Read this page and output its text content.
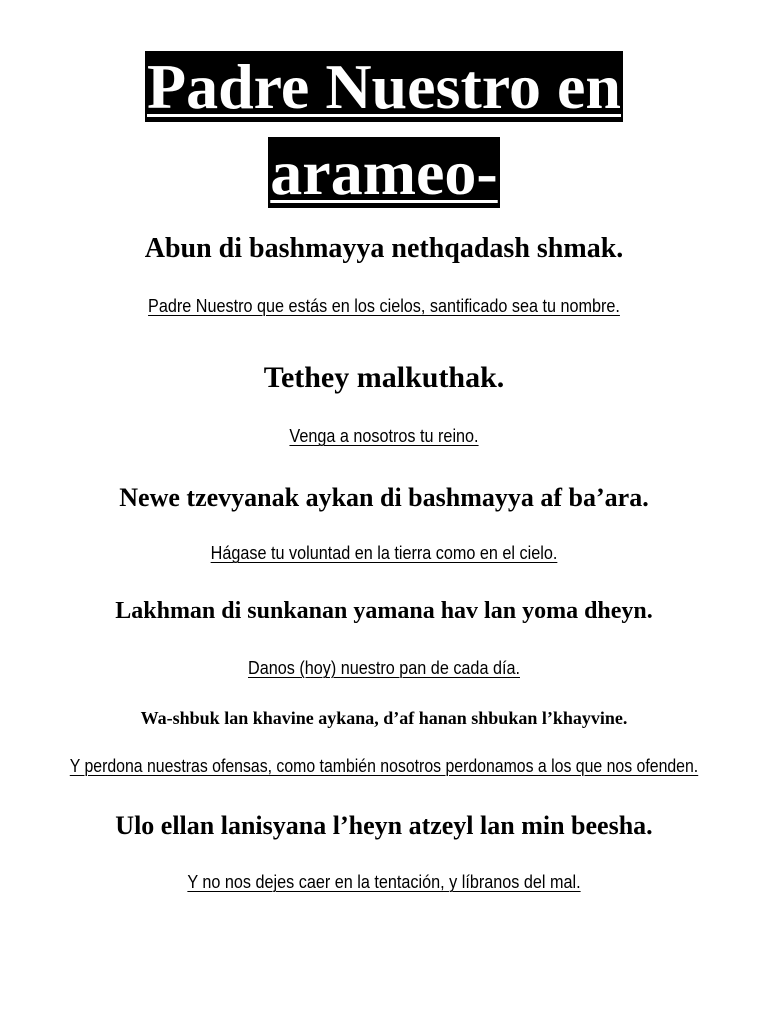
Padre Nuestro en
arameo-
Abun di bashmayya nethqadash shmak.
Padre Nuestro que estás en los cielos, santificado sea tu nombre.
Tethey malkuthak.
Venga a nosotros tu reino.
Newe tzevyanak aykan di bashmayya af ba’ara.
Hágase tu voluntad en la tierra como en el cielo.
Lakhman di sunkanan yamana hav lan yoma dheyn.
Danos (hoy) nuestro pan de cada día.
Wa-shbuk lan khavine aykana, d’af hanan shbukan l’khayvine.
Y perdona nuestras ofensas, como también nosotros perdonamos a los que nos ofenden.
Ulo ellan lanisyana l’heyn atzeyl lan min beesha.
Y no nos dejes caer en la tentación, y líbranos del mal.
